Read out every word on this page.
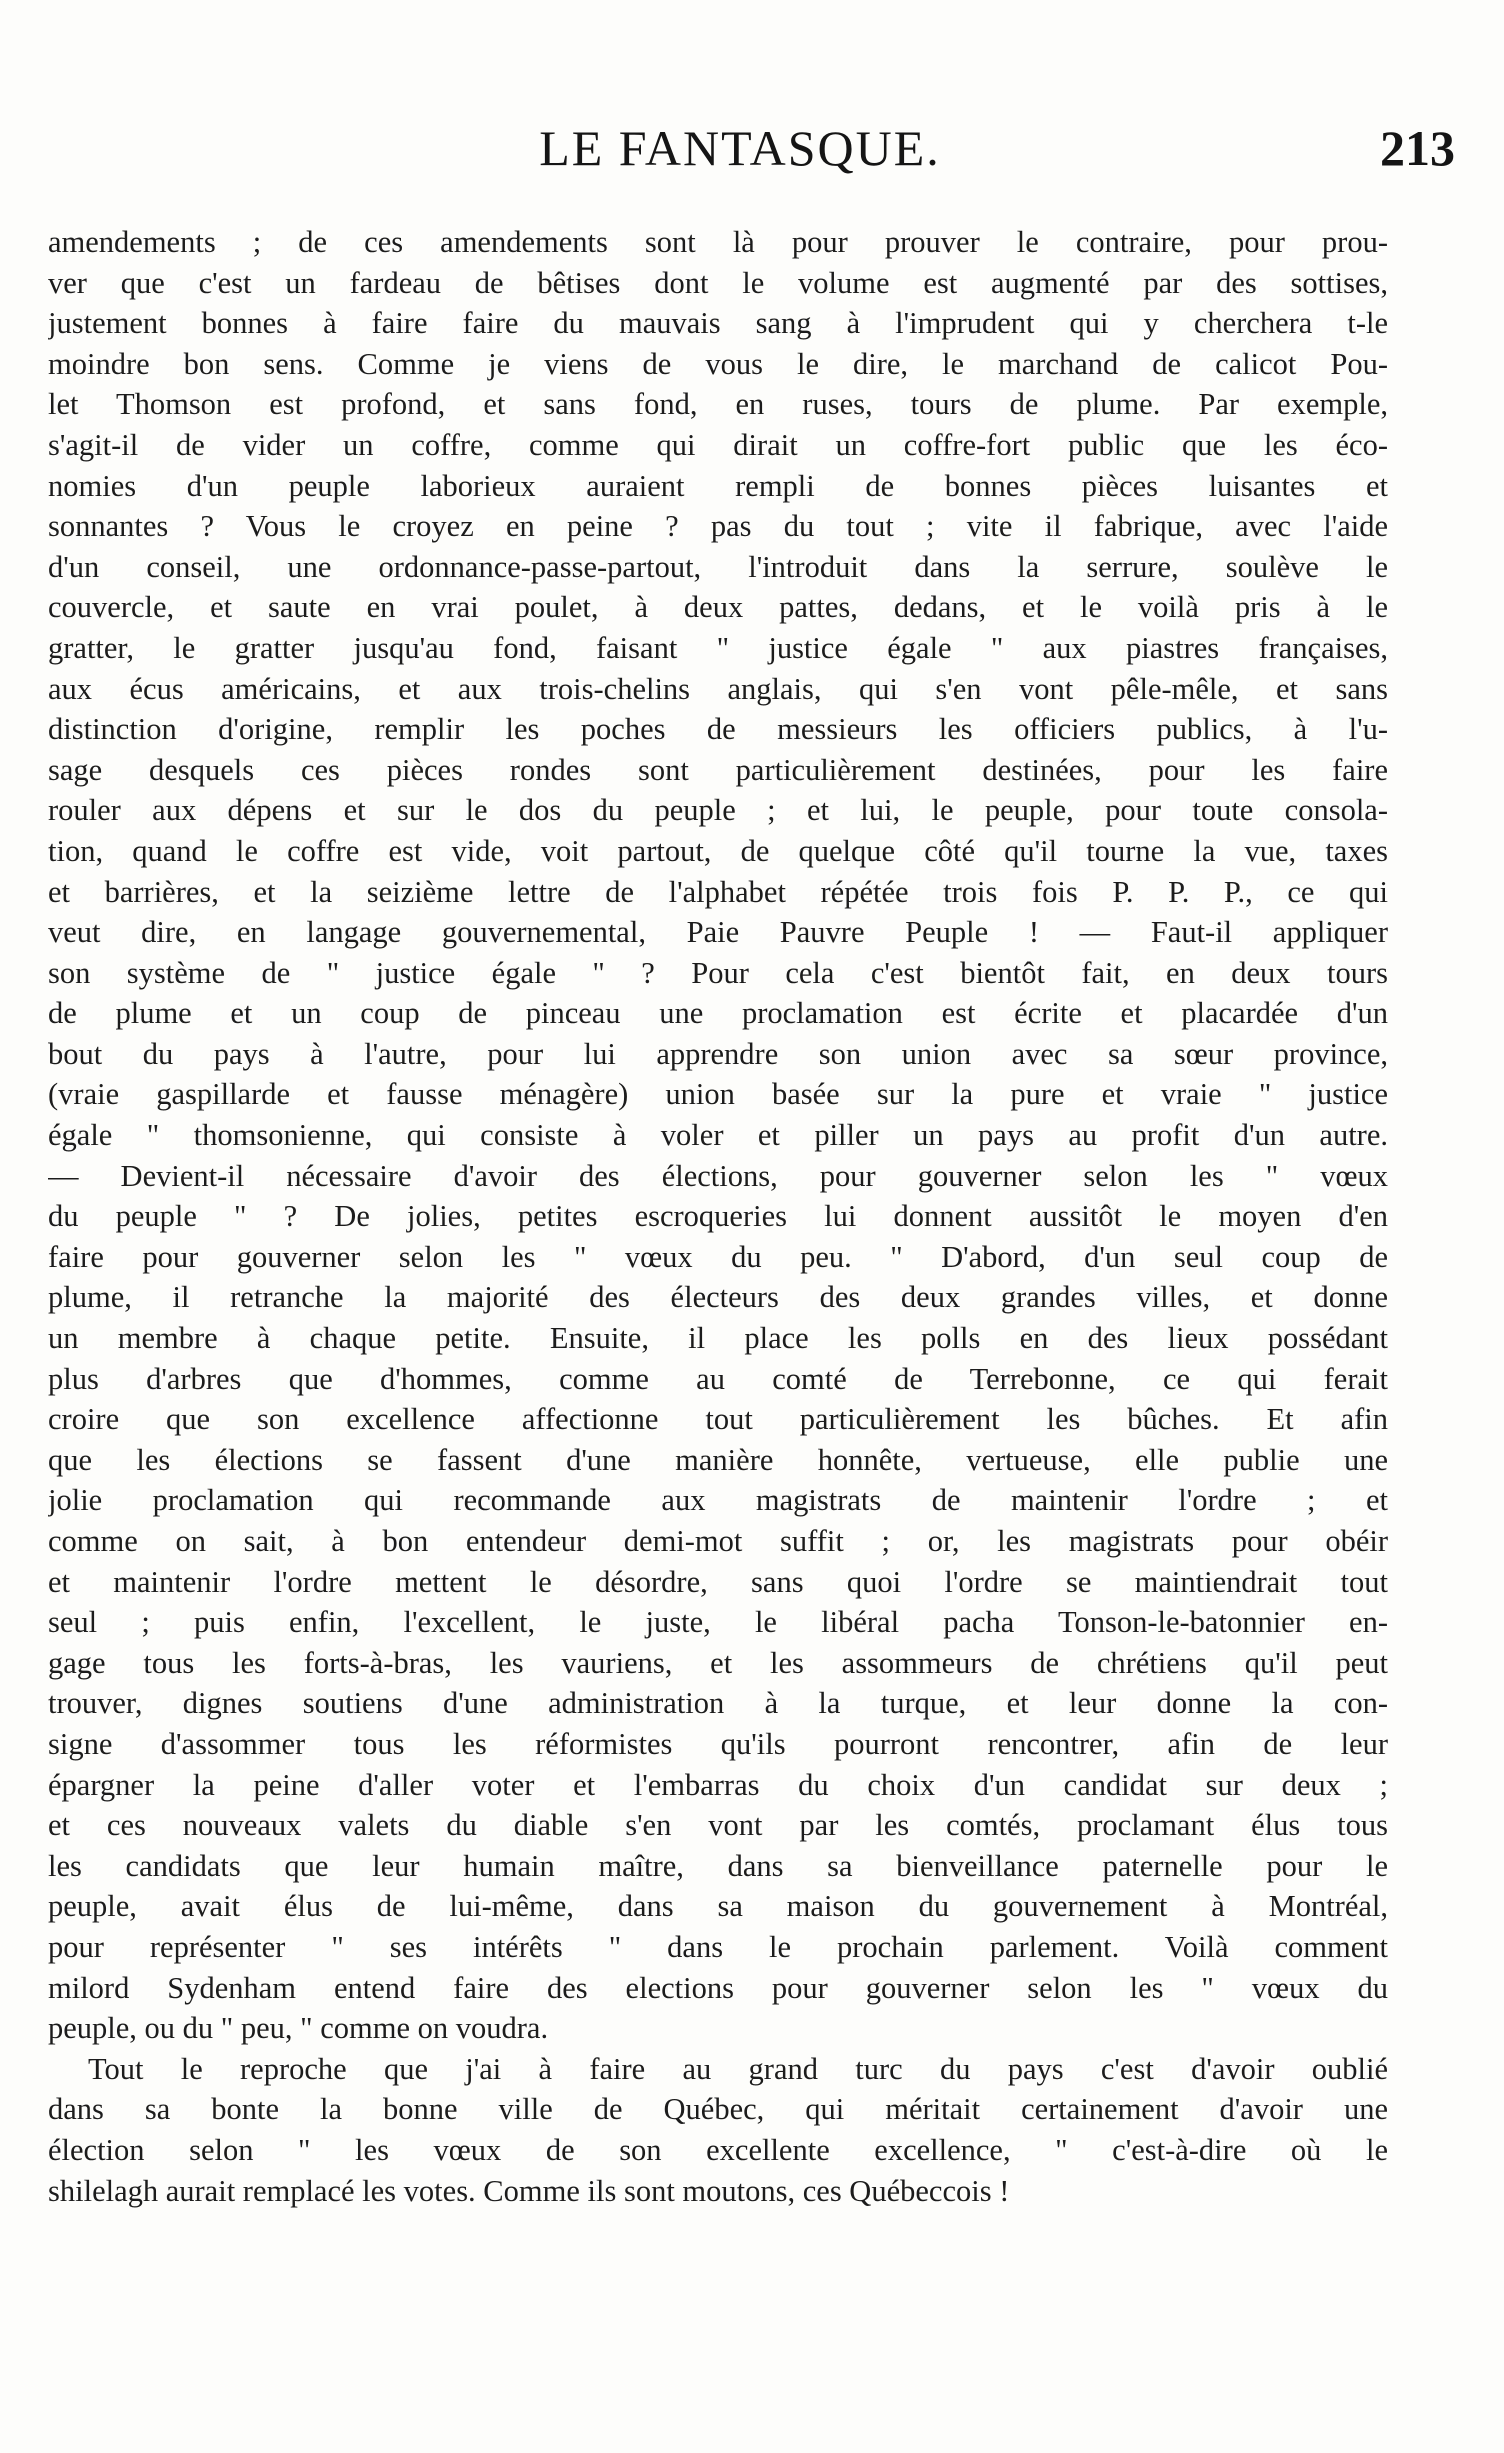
LE FANTASQUE.	213
amendements ; de ces amendements sont là pour prouver le contraire, pour prou-
ver que c'est un fardeau de bêtises dont le volume est augmenté par des sottises,
justement bonnes à faire faire du mauvais sang à l'imprudent qui y cherchera t-le
moindre bon sens. Comme je viens de vous le dire, le marchand de calicot Pou-
let Thomson est profond, et sans fond, en ruses, tours de plume. Par exemple,
s'agit-il de vider un coffre, comme qui dirait un coffre-fort public que les éco-
nomies d'un peuple laborieux auraient rempli de bonnes pièces luisantes et
sonnantes ? Vous le croyez en peine ? pas du tout ; vite il fabrique, avec l'aide
d'un conseil, une ordonnance-passe-partout, l'introduit dans la serrure, soulève le
couvercle, et saute en vrai poulet, à deux pattes, dedans, et le voilà pris à le
gratter, le gratter jusqu'au fond, faisant " justice égale " aux piastres françaises,
aux écus américains, et aux trois-chelins anglais, qui s'en vont pêle-mêle, et sans
distinction d'origine, remplir les poches de messieurs les officiers publics, à l'u-
sage desquels ces pièces rondes sont particulièrement destinées, pour les faire
rouler aux dépens et sur le dos du peuple ; et lui, le peuple, pour toute consola-
tion, quand le coffre est vide, voit partout, de quelque côté qu'il tourne la vue, taxes
et barrières, et la seizième lettre de l'alphabet répétée trois fois P. P. P., ce qui
veut dire, en langage gouvernemental, Paie Pauvre Peuple ! — Faut-il appliquer
son système de " justice égale " ? Pour cela c'est bientôt fait, en deux tours
de plume et un coup de pinceau une proclamation est écrite et placardée d'un
bout du pays à l'autre, pour lui apprendre son union avec sa sœur province,
(vraie gaspillarde et fausse ménagère) union basée sur la pure et vraie " justice
égale " thomsonienne, qui consiste à voler et piller un pays au profit d'un autre.
— Devient-il nécessaire d'avoir des élections, pour gouverner selon les " vœux
du peuple " ? De jolies, petites escroqueries lui donnent aussitôt le moyen d'en
faire pour gouverner selon les " vœux du peu. " D'abord, d'un seul coup de
plume, il retranche la majorité des électeurs des deux grandes villes, et donne
un membre à chaque petite. Ensuite, il place les polls en des lieux possédant
plus d'arbres que d'hommes, comme au comté de Terrebonne, ce qui ferait
croire que son excellence affectionne tout particulièrement les bûches. Et afin
que les élections se fassent d'une manière honnête, vertueuse, elle publie une
jolie proclamation qui recommande aux magistrats de maintenir l'ordre ; et
comme on sait, à bon entendeur demi-mot suffit ; or, les magistrats pour obéir
et maintenir l'ordre mettent le désordre, sans quoi l'ordre se maintiendrait tout
seul ; puis enfin, l'excellent, le juste, le libéral pacha Tonson-le-batonnier en-
gage tous les forts-à-bras, les vauriens, et les assommeurs de chrétiens qu'il peut
trouver, dignes soutiens d'une administration à la turque, et leur donne la con-
signe d'assommer tous les réformistes qu'ils pourront rencontrer, afin de leur
épargner la peine d'aller voter et l'embarras du choix d'un candidat sur deux ;
et ces nouveaux valets du diable s'en vont par les comtés, proclamant élus tous
les candidats que leur humain maître, dans sa bienveillance paternelle pour le
peuple, avait élus de lui-même, dans sa maison du gouvernement à Montréal,
pour représenter " ses intérêts " dans le prochain parlement. Voilà comment
milord Sydenham entend faire des elections pour gouverner selon les " vœux du
peuple, ou du " peu, " comme on voudra.
Tout le reproche que j'ai à faire au grand turc du pays c'est d'avoir oublié
dans sa bonte la bonne ville de Québec, qui méritait certainement d'avoir une
élection selon " les vœux de son excellente excellence, " c'est-à-dire où le
shilelagh aurait remplacé les votes. Comme ils sont moutons, ces Québeccois !
